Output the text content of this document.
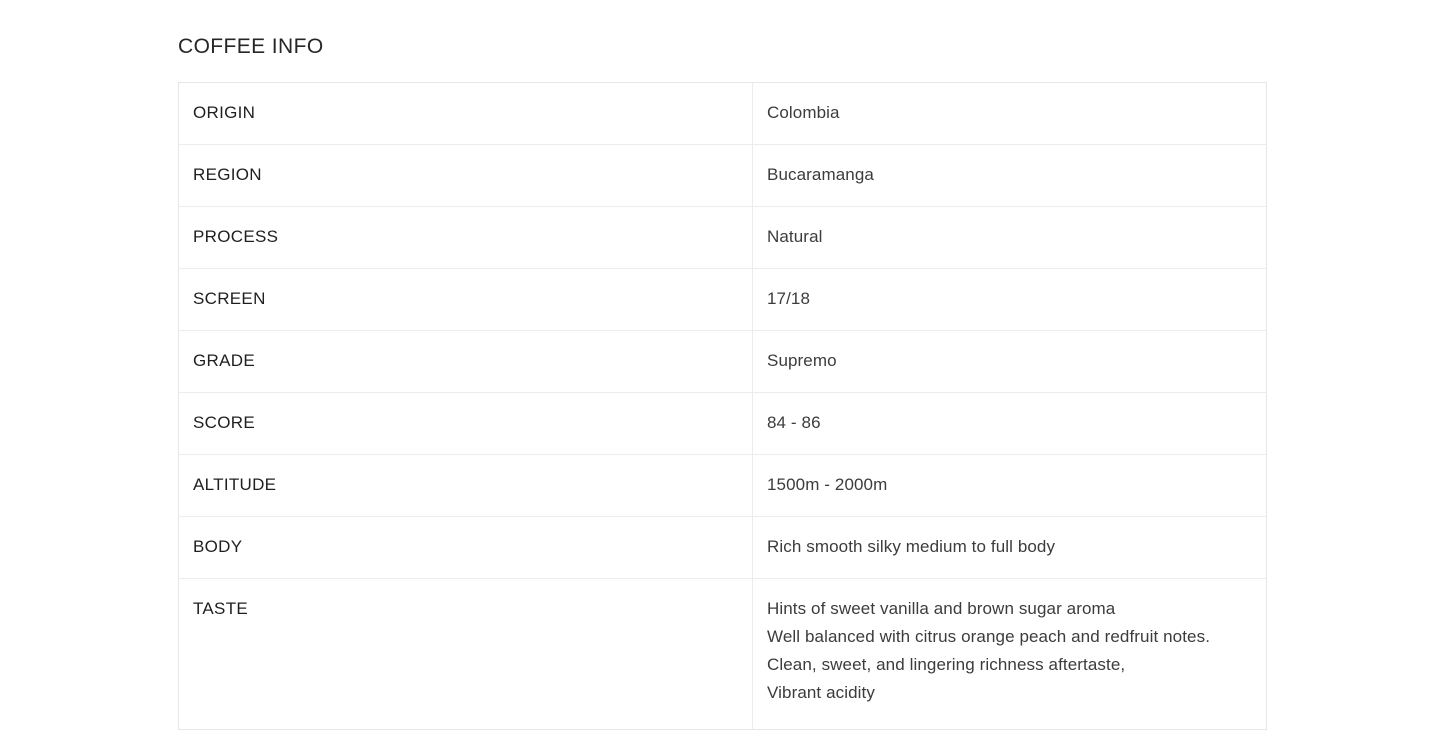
COFFEE INFO
ORIGIN	Colombia
REGION	Bucaramanga
PROCESS	Natural
SCREEN	17/18
GRADE	Supremo
SCORE	84 - 86
ALTITUDE	1500m - 2000m
BODY	Rich smooth silky medium to full body
TASTE	Hints of sweet vanilla and brown sugar aroma
Well balanced with citrus orange peach and redfruit notes.
Clean, sweet, and lingering richness aftertaste,
Vibrant acidity
